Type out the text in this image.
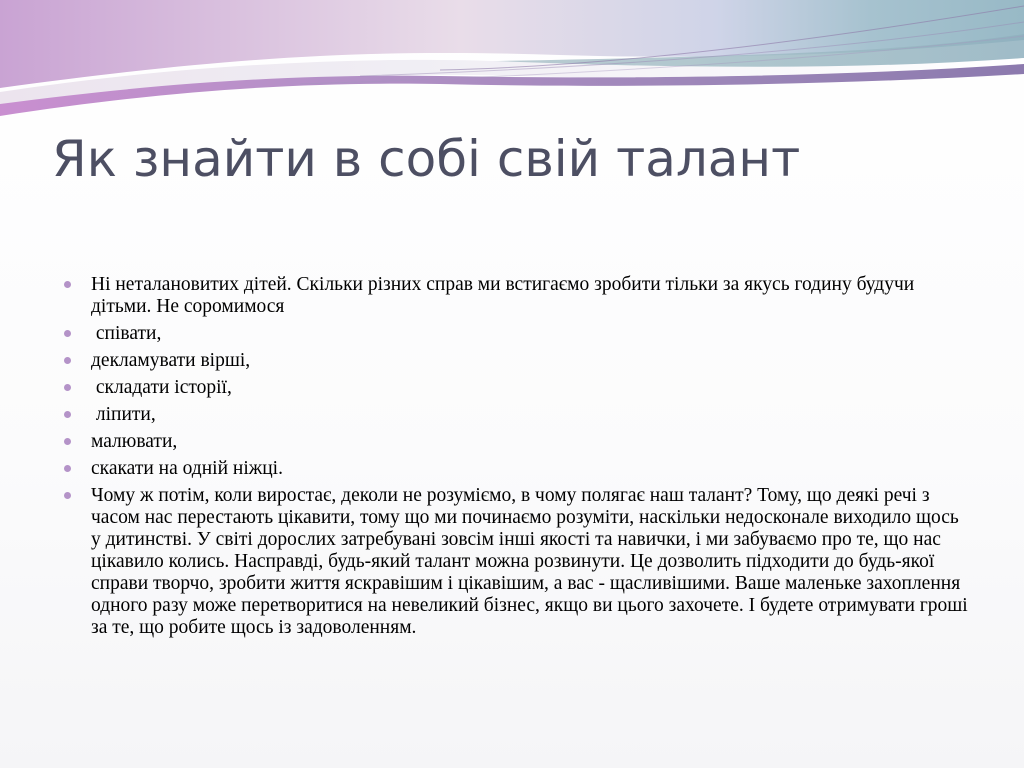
Як знайти в собі свій талант
Ні неталановитих дітей. Скільки різних справ ми встигаємо зробити тільки за якусь годину будучи дітьми. Не соромимося
співати,
декламувати вірші,
складати історії,
ліпити,
малювати,
скакати на одній ніжці.
Чому ж потім, коли виростає, деколи не розуміємо, в чому полягає наш талант? Тому, що деякі речі з часом нас перестають цікавити, тому що ми починаємо розуміти, наскільки недосконале виходило щось у дитинстві. У світі дорослих затребувані зовсім інші якості та навички, і ми забуваємо про те, що нас цікавило колись. Насправді, будь-який талант можна розвинути. Це дозволить підходити до будь-якої справи творчо, зробити життя яскравішим і цікавішим, а вас - щасливішими. Ваше маленьке захоплення одного разу може перетворитися на невеликий бізнес, якщо ви цього захочете. І будете отримувати гроші за те, що робите щось із задоволенням.
